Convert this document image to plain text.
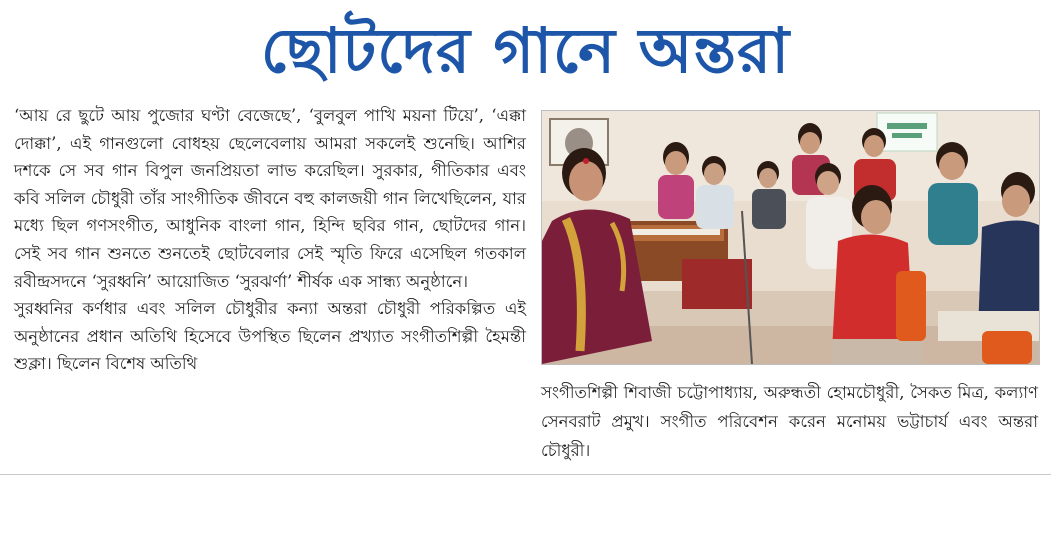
ছোটদের গানে অন্তরা

‘আয় রে ছুটে আয় পুজোর ঘণ্টা বেজেছে’, ‘বুলবুল পাখি ময়না টিয়ে’, ‘এক্কা দোক্কা’, এই গানগুলো বোধহয় ছেলেবেলায় আমরা সকলেই শুনেছি। আশির দশকে সে সব গান বিপুল জনপ্রিয়তা লাভ করেছিল। সুরকার, গীতিকার এবং কবি সলিল চৌধুরী তাঁর সাংগীতিক জীবনে বহু কালজয়ী গান লিখেছিলেন, যার মধ্যে ছিল গণসংগীত, আধুনিক বাংলা গান, হিন্দি ছবির গান, ছোটদের গান। সেই সব গান শুনতে শুনতেই ছোটবেলার সেই স্মৃতি ফিরে এসেছিল গতকাল রবীন্দ্রসদনে ‘সুরধ্বনি’ আয়োজিত ‘সুরঝর্ণা’ শীর্ষক এক সান্ধ্য অনুষ্ঠানে।

সুরধ্বনির কর্ণধার এবং সলিল চৌধুরীর কন্যা অন্তরা চৌধুরী পরিকল্পিত এই অনুষ্ঠানের প্রধান অতিথি হিসেবে উপস্থিত ছিলেন প্রখ্যাত সংগীতশিল্পী হৈমন্তী শুক্লা। ছিলেন বিশেষ অতিথি

সংগীতশিল্পী শিবাজী চট্টোপাধ্যায়, অরুন্ধতী হোমচৌধুরী, সৈকত মিত্র, কল্যাণ সেনবরাট প্রমুখ। সংগীত পরিবেশন করেন মনোময় ভট্টাচার্য এবং অন্তরা চৌধুরী।
